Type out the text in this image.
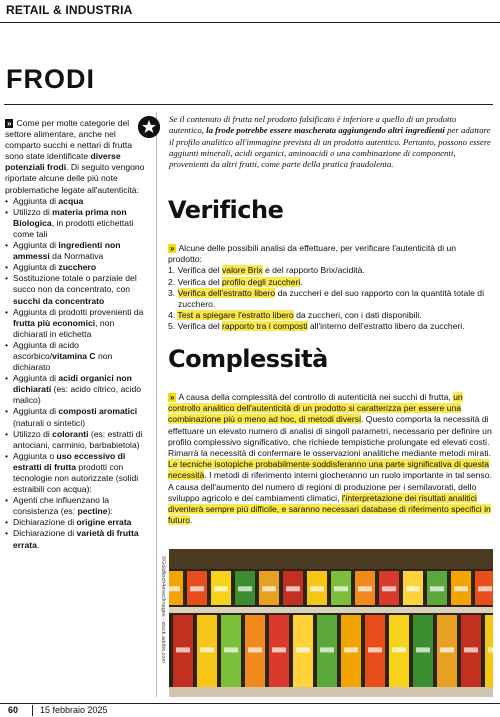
RETAIL & INDUSTRIA
FRODI
» Come per molte categorie del settore alimentare, anche nel comparto succhi e nettari di frutta sono state identificate diverse potenziali frodi. Di seguito vengono riportate alcune delle più note problematiche legate all'autenticità:
• Aggiunta di acqua
• Utilizzo di materia prima non Biologica, in prodotti etichettati come tali
• Aggiunta di ingredienti non ammessi da Normativa
• Aggiunta di zucchero
• Sostituzione totale o parziale del succo non da concentrato, con succhi da concentrato
• Aggiunta di prodotti provenienti da frutta più economici, non dichiarati in etichetta
• Aggiunta di acido ascorbico/vitamina C non dichiarato
• Aggiunta di acidi organici non dichiarati (es: acido citrico, acido malico)
• Aggiunta di composti aromatici (naturali o sintetici)
• Utilizzo di coloranti (es: estratti di antociani, carminio, barbabietola)
• Aggiunta o uso eccessivo di estratti di frutta prodotti con tecnologie non autorizzate (solidi estraibili con acqua):
• Agenti che influenzano la consistenza (es: pectine):
• Dichiarazione di origine errata
• Dichiarazione di varietà di frutta errata.
Se il contenuto di frutta nel prodotto falsificato è inferiore a quello di un prodotto autentico, la frode potrebbe essere mascherata aggiungendo altri ingredienti per adattare il profilo analitico all'immagine prevista di un prodotto autentico. Pertanto, possono essere aggiunti minerali, acidi organici, aminoacidi o una combinazione di componenti, provenienti da altri frutti, come parte della pratica fraudolenta.
Verifiche
» Alcune delle possibili analisi da effettuare, per verificare l'autenticità di un prodotto:
1. Verifica del valore Brix e del rapporto Brix/acidità.
2. Verifica del profilo degli zuccheri.
3. Verifica dell'estratto libero da zuccheri e del suo rapporto con la quantità totale di zucchero.
4. Test a spiegare l'estratto libero da zuccheri, con i dati disponibili.
5. Verifica del rapporto tra i composti all'interno dell'estratto libero da zuccheri.
Complessità
» A causa della complessità del controllo di autenticità nei succhi di frutta, un controllo analitico dell'autenticità di un prodotto si caratterizza per essere una combinazione più o meno ad hoc, di metodi diversi. Questo comporta la necessità di effettuare un elevato numero di analisi di singoli parametri, necessario per definire un profilo complessivo significativo, che richiede tempistiche prolungate ed elevati costi. Rimarrà la necessità di confermare le osservazioni analitiche mediante metodi mirati. Le tecniche isotopiche probabilmente soddisferanno una parte significativa di questa necessità. I metodi di riferimento interni giocheranno un ruolo importante in tal senso. A causa dell'aumento del numero di regioni di produzione per i semilavorati, dello sviluppo agricolo e dei cambiamenti climatici, l'interpretazione dei risultati analitici diventerà sempre più difficile, e saranno necessari database di riferimento specifici in futuro.
©Goldfinch4ever/Images - stock.adobe.com
60 15 febbraio 2025
